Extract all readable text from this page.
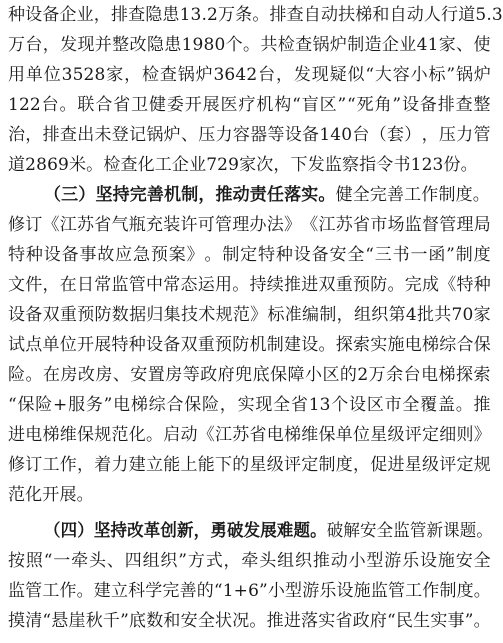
种 设 备 企 业 ， 排 查 隐 患 13.2 万 条 。 排 查 自 动 扶 梯 和 自 动 人 行 道 5.3
万 台 ， 发 现 并 整 改 隐 患 1980 个 。 共 检 查 锅 炉 制 造 企 业 41 家 、 使
用 单 位 3528 家 ， 检 查 锅 炉 3642 台 ， 发 现 疑 似 “ 大 容 小 标 ” 锅 炉
122 台 。 联 合 省 卫 健 委 开 展 医 疗 机 构 “ 盲 区 ” “ 死 角 ” 设 备 排 查 整
治 ， 排 查 出 未 登 记 锅 炉 、 压 力 容 器 等 设 备 140 台 （ 套 ） ， 压 力 管
道2869米。检查化工企业729家次，下发监察指令书123份。
（三）坚持完善机制，推动责任落实。健全完善工作制度。
修 订 《 江 苏 省 气 瓶 充 装 许 可 管 理 办 法 》 《 江 苏 省 市 场 监 督 管 理 局
特 种 设 备 事 故 应 急 预 案 》 。 制 定 特 种 设 备 安 全 “ 三 书 一 函 ” 制 度
文 件 ， 在 日 常 监 管 中 常 态 运 用 。 持 续 推 进 双 重 预 防 。 完 成 《 特 种
设 备 双 重 预 防 数 据 归 集 技 术 规 范 》 标 准 编 制 ， 组 织 第 4 批 共 70 家
试 点 单 位 开 展 特 种 设 备 双 重 预 防 机 制 建 设 。 探 索 实 施 电 梯 综 合 保
险 。 在 房 改 房 、 安 置 房 等 政 府 兜 底 保 障 小 区 的 2 万 余 台 电 梯 探 索
“ 保 险 + 服 务 ” 电 梯 综 合 保 险 ， 实 现 全 省 13 个 设 区 市 全 覆 盖 。 推
进 电 梯 维 保 规 范 化 。 启 动 《 江 苏 省 电 梯 维 保 单 位 星 级 评 定 细 则 》
修 订 工 作 ， 着 力 建 立 能 上 能 下 的 星 级 评 定 制 度 ， 促 进 星 级 评 定 规
范化开展。
（四）坚持改革创新，勇破发展难题。破解安全监管新课题。
按 照 “ 一 牵 头 、 四 组 织 ” 方 式 ， 牵 头 组 织 推 动 小 型 游 乐 设 施 安 全
监 管 工 作 。 建 立 科 学 完 善 的 “ 1+6 ” 小 型 游 乐 设 施 监 管 工 作 制 度 。
摸 清 “ 悬 崖 秋 千 ” 底 数 和 安 全 状 况 。 推 进 落 实 省 政 府 “ 民 生 实 事 ” 。
